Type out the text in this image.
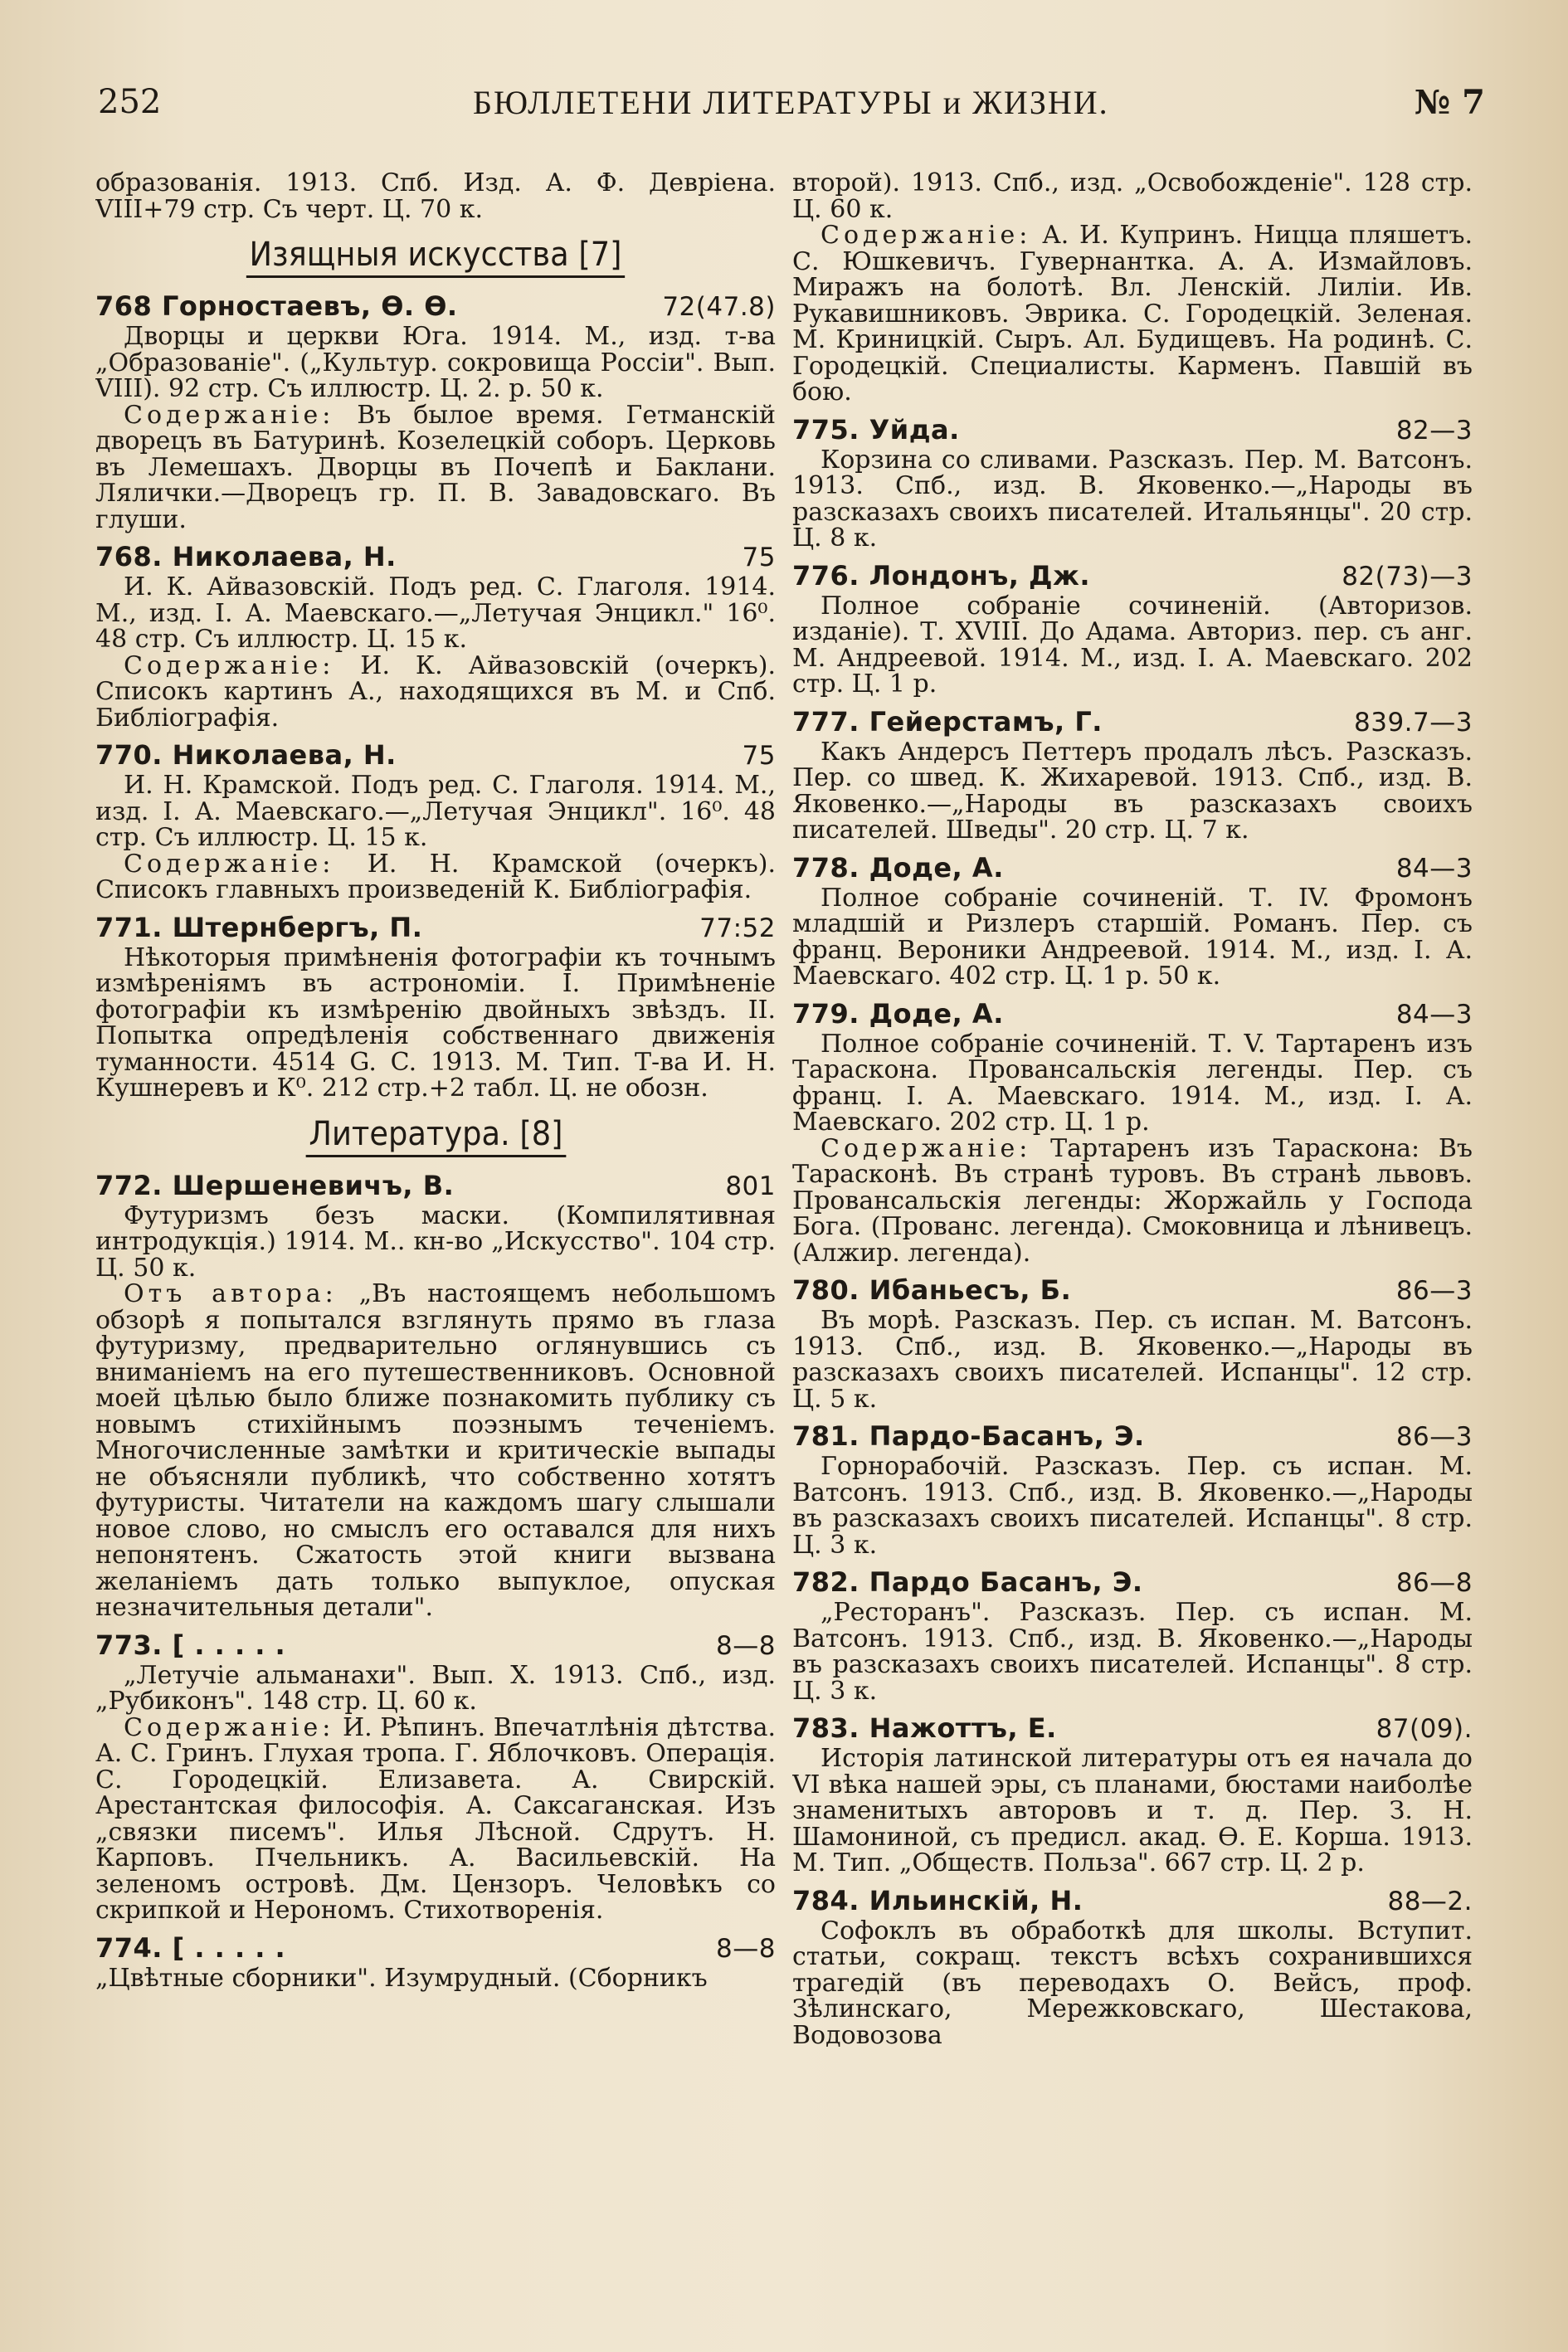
252	БЮЛЛЕТЕНИ ЛИТЕРАТУРЫ и ЖИЗНИ.	№ 7

образованія. 1913. Спб. Изд. А. Ф. Девріена. VIII+79 стр. Съ черт. Ц. 70 к.

Изящныя искусства [7]
768 Горностаевъ, Ѳ. Ѳ.	72(47.8)

Дворцы и церкви Юга. 1914. М., изд. т-ва „Образованіе". („Культур. сокровища Россіи". Вып. VIII). 92 стр. Съ иллюстр. Ц. 2. р. 50 к.

Содержаніе: Въ былое время. Гетманскій дворецъ въ Батуринѣ. Козелецкій соборъ. Церковь въ Лемешахъ. Дворцы въ Почепѣ и Баклани. Лялички.—Дворецъ гр. П. В. Завадовскаго. Въ глуши.

768. Николаева, Н.	75

И. К. Айвазовскій. Подъ ред. С. Глаголя. 1914. М., изд. І. А. Маевскаго.—„Летучая Энцикл." 16⁰. 48 стр. Съ иллюстр. Ц. 15 к.

Содержаніе: И. К. Айвазовскій (очеркъ). Списокъ картинъ А., находящихся въ М. и Спб. Библіографія.

770. Николаева, Н.	75

И. Н. Крамской. Подъ ред. С. Глаголя. 1914. М., изд. І. А. Маевскаго.—„Летучая Энцикл". 16⁰. 48 стр. Съ иллюстр. Ц. 15 к.

Содержаніе: И. Н. Крамской (очеркъ). Списокъ главныхъ произведеній К. Библіографія.

771. Штернбергъ, П.	77:52

Нѣкоторыя примѣненія фотографіи къ точнымъ измѣреніямъ въ астрономіи. І. Примѣненіе фотографіи къ измѣренію двойныхъ звѣздъ. II. Попытка опредѣленія собственнаго движенія туманности. 4514 G. C. 1913. М. Тип. Т-ва И. Н. Кушнеревъ и К⁰. 212 стр.+2 табл. Ц. не обозн.

Литература. [8]
772. Шершеневичъ, В.	801

Футуризмъ безъ маски. (Компилятивная интродукція.) 1914. М.. кн-во „Искусство". 104 стр. Ц. 50 к.

Отъ автора: „Въ настоящемъ небольшомъ обзорѣ я попытался взглянуть прямо въ глаза футуризму, предварительно оглянувшись съ вниманіемъ на его путешественниковъ. Основной моей цѣлью было ближе познакомить публику съ новымъ стихійнымъ поэзнымъ теченіемъ. Многочисленные замѣтки и критическіе выпады не объясняли публикѣ, что собственно хотятъ футуристы. Читатели на каждомъ шагу слышали новое слово, но смыслъ его оставался для нихъ непонятенъ. Сжатость этой книги вызвана желаніемъ дать только выпуклое, опуская незначительныя детали".

773. [ . . . . .	8—8

„Летучіе альманахи". Вып. X. 1913. Спб., изд. „Рубиконъ". 148 стр. Ц. 60 к.

Содержаніе: И. Рѣпинъ. Впечатлѣнія дѣтства. А. С. Гринъ. Глухая тропа. Г. Яблочковъ. Операція. С. Городецкій. Елизавета. А. Свирскій. Арестантская философія. А. Саксаганская. Изъ „связки писемъ". Илья Лѣсной. Сдрутъ. Н. Карповъ. Пчельникъ. А. Васильевскій. На зеленомъ островѣ. Дм. Цензоръ. Человѣкъ со скрипкой и Нерономъ. Стихотворенія.

774. [ . . . . .	8—8

„Цвѣтные сборники". Изумрудный. (Сборникъ

второй). 1913. Спб., изд. „Освобожденіе". 128 стр. Ц. 60 к.

Содержаніе: А. И. Купринъ. Ницца пляшетъ. С. Юшкевичъ. Гувернантка. А. А. Измайловъ. Миражъ на болотѣ. Вл. Ленскій. Лиліи. Ив. Рукавишниковъ. Эврика. С. Городецкій. Зеленая. М. Криницкій. Сыръ. Ал. Будищевъ. На родинѣ. С. Городецкій. Специалисты. Карменъ. Павшій въ бою.

775. Уйда.	82—3

Корзина со сливами. Разсказъ. Пер. М. Ватсонъ. 1913. Спб., изд. В. Яковенко.—„Народы въ разсказахъ своихъ писателей. Итальянцы". 20 стр. Ц. 8 к.

776. Лондонъ, Дж.	82(73)—3

Полное собраніе сочиненій. (Авторизов. изданіе). Т. XVIII. До Адама. Авториз. пер. съ анг. М. Андреевой. 1914. М., изд. І. А. Маевскаго. 202 стр. Ц. 1 р.

777. Гейерстамъ, Г.	839.7—3

Какъ Андерсъ Петтеръ продалъ лѣсъ. Разсказъ. Пер. со швед. К. Жихаревой. 1913. Спб., изд. В. Яковенко.—„Народы въ разсказахъ своихъ писателей. Шведы". 20 стр. Ц. 7 к.

778. Доде, А.	84—3

Полное собраніе сочиненій. Т. IV. Фромонъ младшій и Ризлеръ старшій. Романъ. Пер. съ франц. Вероники Андреевой. 1914. М., изд. І. А. Маевскаго. 402 стр. Ц. 1 р. 50 к.

779. Доде, А.	84—3

Полное собраніе сочиненій. Т. V. Тартаренъ изъ Тараскона. Провансальскія легенды. Пер. съ франц. І. А. Маевскаго. 1914. М., изд. І. А. Маевскаго. 202 стр. Ц. 1 р.

Содержаніе: Тартаренъ изъ Тараскона: Въ Тарасконѣ. Въ странѣ туровъ. Въ странѣ львовъ. Провансальскія легенды: Жоржайль у Господа Бога. (Прованс. легенда). Смоковница и лѣнивецъ. (Алжир. легенда).

780. Ибаньесъ, Б.	86—3

Въ морѣ. Разсказъ. Пер. съ испан. М. Ватсонъ. 1913. Спб., изд. В. Яковенко.—„Народы въ разсказахъ своихъ писателей. Испанцы". 12 стр. Ц. 5 к.

781. Пардо-Басанъ, Э.	86—3

Горнорабочій. Разсказъ. Пер. съ испан. М. Ватсонъ. 1913. Спб., изд. В. Яковенко.—„Народы въ разсказахъ своихъ писателей. Испанцы". 8 стр. Ц. 3 к.

782. Пардо Басанъ, Э.	86—8

„Ресторанъ". Разсказъ. Пер. съ испан. М. Ватсонъ. 1913. Спб., изд. В. Яковенко.—„Народы въ разсказахъ своихъ писателей. Испанцы". 8 стр. Ц. 3 к.

783. Нажоттъ, Е.	87(09).

Исторія латинской литературы отъ ея начала до VI вѣка нашей эры, съ планами, бюстами наиболѣе знаменитыхъ авторовъ и т. д. Пер. З. Н. Шамониной, съ предисл. акад. Ѳ. Е. Корша. 1913. М. Тип. „Обществ. Польза". 667 стр. Ц. 2 р.

784. Ильинскій, Н.	88—2.

Софоклъ въ обработкѣ для школы. Вступит. статьи, сокращ. текстъ всѣхъ сохранившихся трагедій (въ переводахъ О. Вейсъ, проф. Зѣлинскаго, Мережковскаго, Шестакова, Водовозова
